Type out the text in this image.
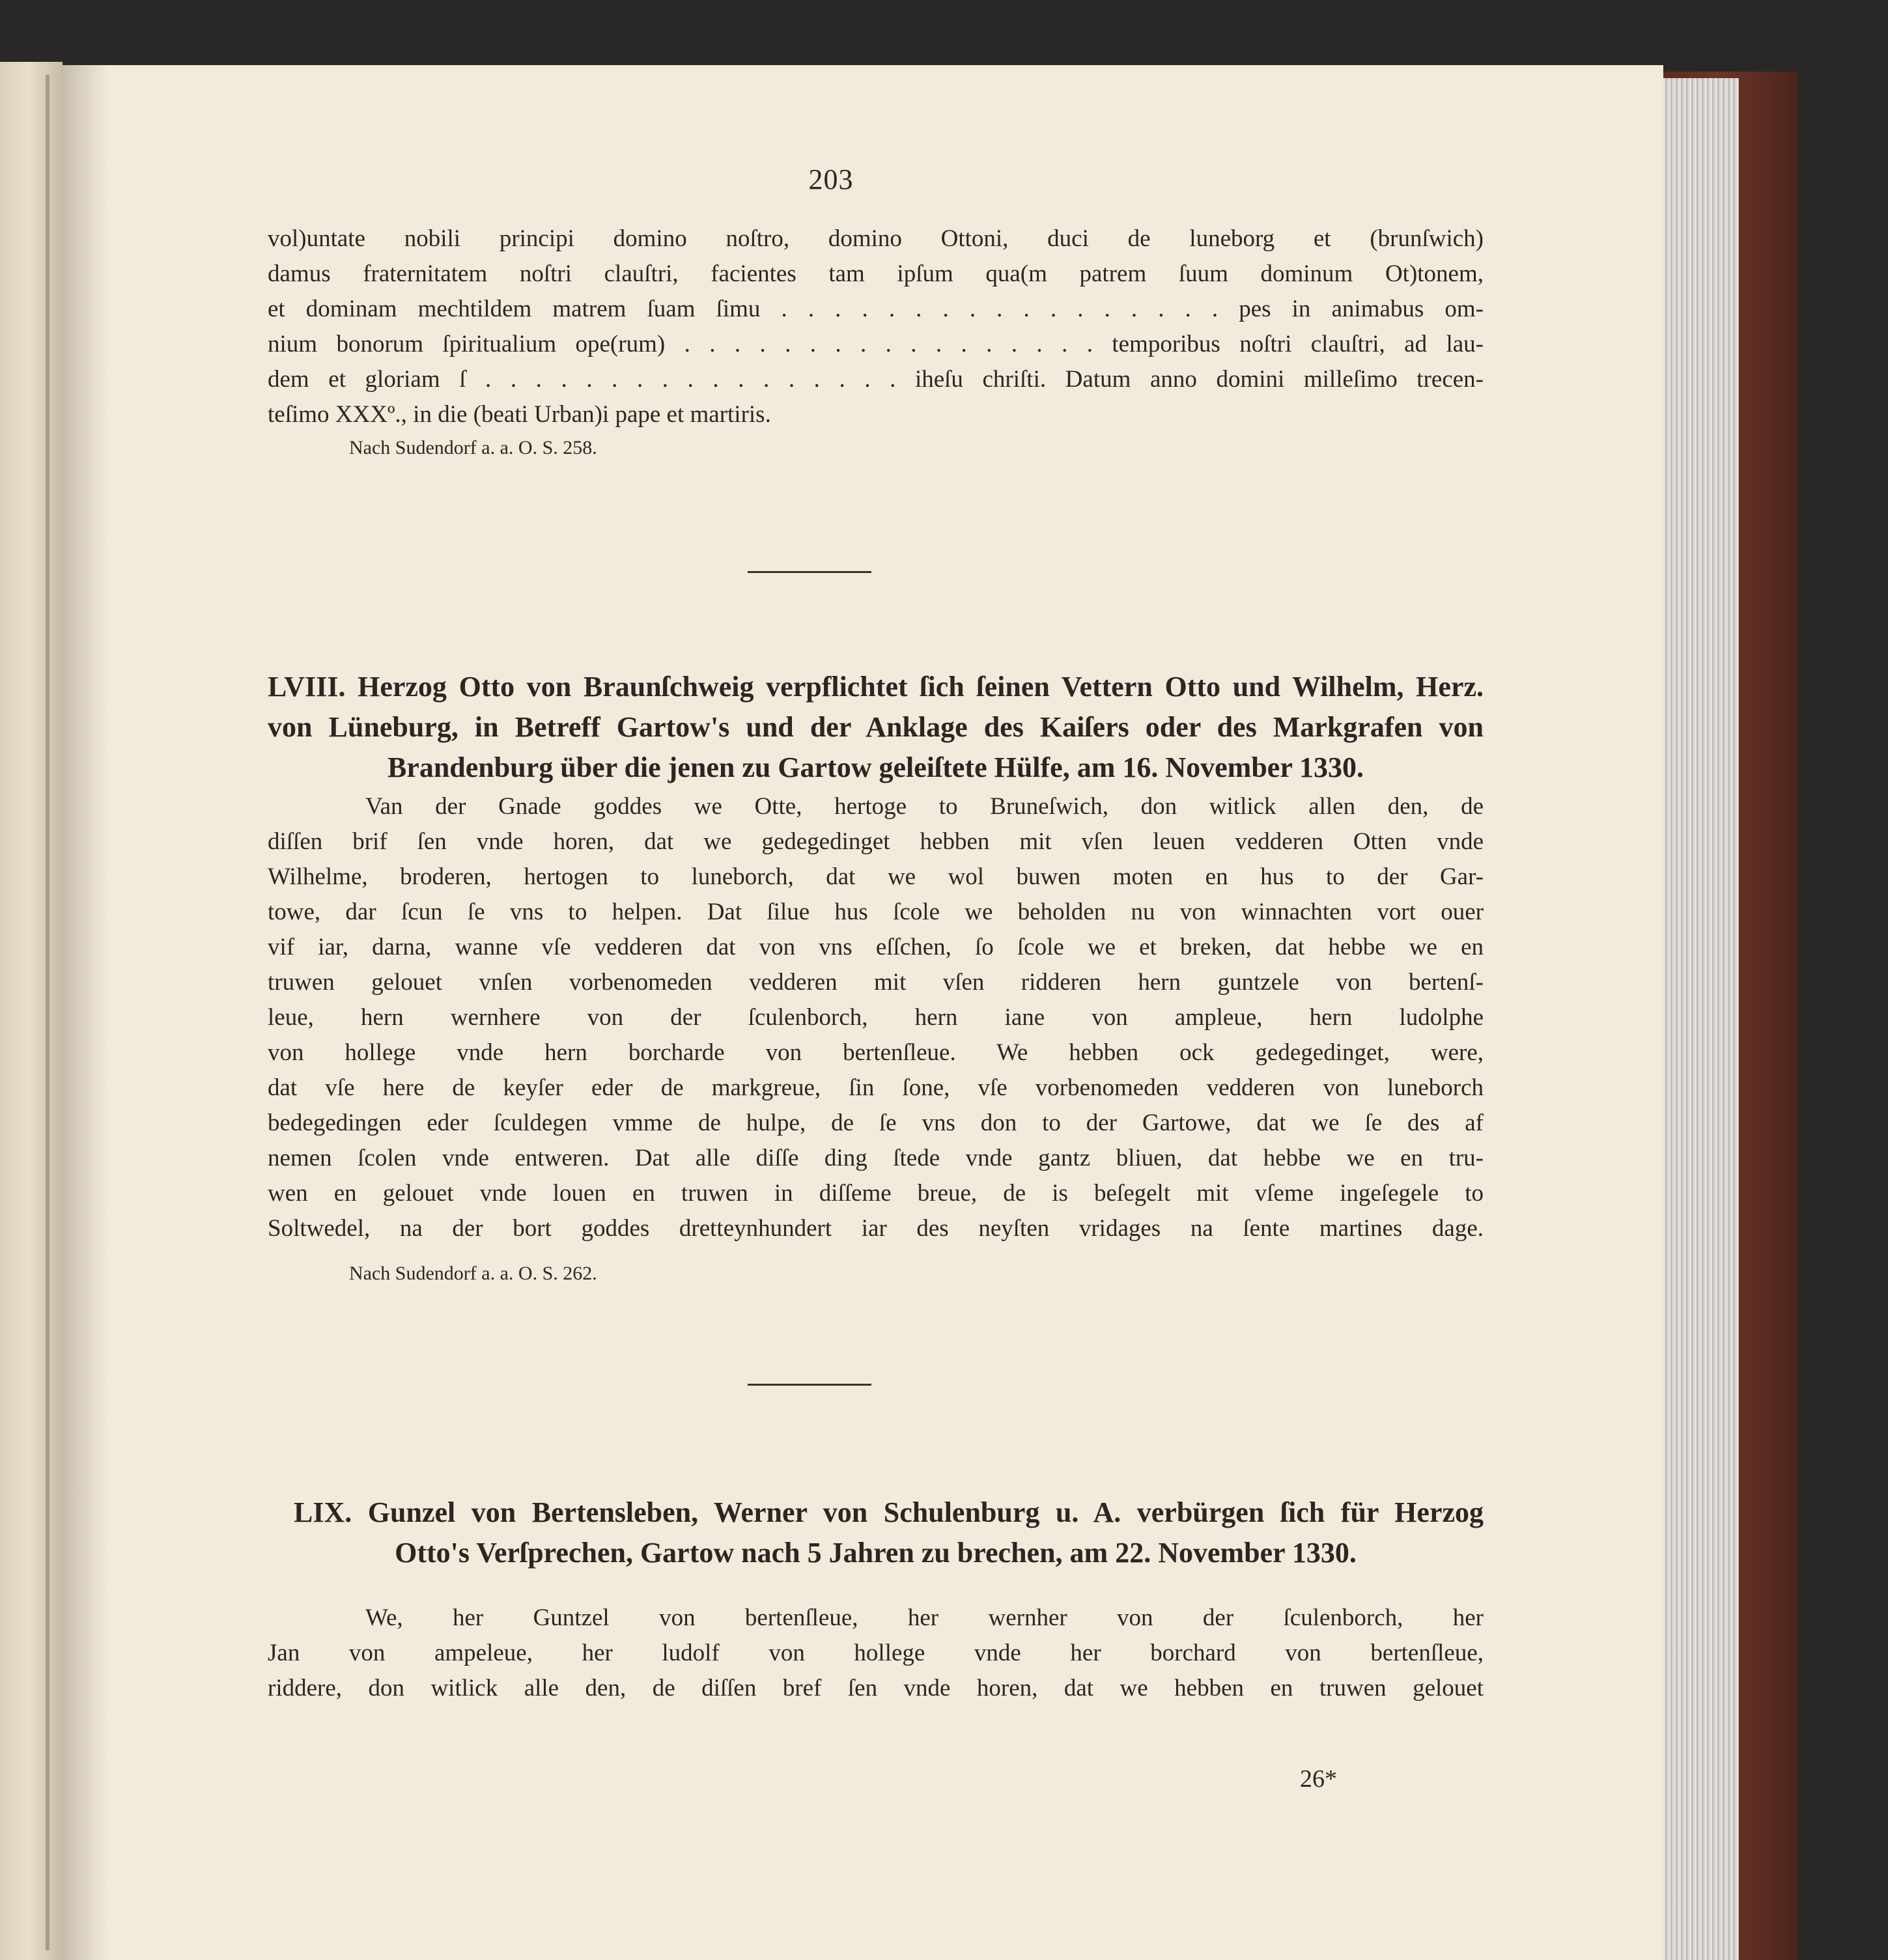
203
vol)untate nobili principi domino noſtro, domino Ottoni, duci de luneborg et (brunſwich)
damus fraternitatem noſtri clauſtri, facientes tam ipſum qua(m patrem ſuum dominum Ot)tonem,
et dominam mechtildem matrem ſuam ſimu . . . . . . . . . . . . . . . . . pes in animabus om-
nium bonorum ſpiritualium ope(rum) . . . . . . . . . . . . . . . . . temporibus noſtri clauſtri, ad lau-
dem et gloriam ſ . . . . . . . . . . . . . . . . . iheſu chriſti. Datum anno domini milleſimo trecen-
teſimo XXXº., in die (beati Urban)i pape et martiris.
Nach Sudendorf a. a. O. S. 258.
LVIII. Herzog Otto von Braunſchweig verpflichtet ſich ſeinen Vettern Otto und Wilhelm, Herz.
von Lüneburg, in Betreff Gartow's und der Anklage des Kaiſers oder des Markgrafen von
Brandenburg über die jenen zu Gartow geleiſtete Hülfe, am 16. November 1330.
Van der Gnade goddes we Otte, hertoge to Bruneſwich, don witlick allen den, de
diſſen brif ſen vnde horen, dat we gedegedinget hebben mit vſen leuen vedderen Otten vnde
Wilhelme, broderen, hertogen to luneborch, dat we wol buwen moten en hus to der Gar-
towe, dar ſcun ſe vns to helpen. Dat ſilue hus ſcole we beholden nu von winnachten vort ouer
vif iar, darna, wanne vſe vedderen dat von vns eſſchen, ſo ſcole we et breken, dat hebbe we en
truwen gelouet vnſen vorbenomeden vedderen mit vſen ridderen hern guntzele von bertenſ-
leue, hern wernhere von der ſculenborch, hern iane von ampleue, hern ludolphe
von hollege vnde hern borcharde von bertenſleue. We hebben ock gedegedinget, were,
dat vſe here de keyſer eder de markgreue, ſin ſone, vſe vorbenomeden vedderen von luneborch
bedegedingen eder ſculdegen vmme de hulpe, de ſe vns don to der Gartowe, dat we ſe des af
nemen ſcolen vnde entweren. Dat alle diſſe ding ſtede vnde gantz bliuen, dat hebbe we en tru-
wen en gelouet vnde louen en truwen in diſſeme breue, de is beſegelt mit vſeme ingeſegele to
Soltwedel, na der bort goddes dretteynhundert iar des neyſten vridages na ſente martines dage.
Nach Sudendorf a. a. O. S. 262.
LIX. Gunzel von Bertensleben, Werner von Schulenburg u. A. verbürgen ſich für Herzog
Otto's Verſprechen, Gartow nach 5 Jahren zu brechen, am 22. November 1330.
We, her Guntzel von bertenſleue, her wernher von der ſculenborch, her
Jan von ampeleue, her ludolf von hollege vnde her borchard von bertenſleue,
riddere, don witlick alle den, de diſſen bref ſen vnde horen, dat we hebben en truwen gelouet
26*
